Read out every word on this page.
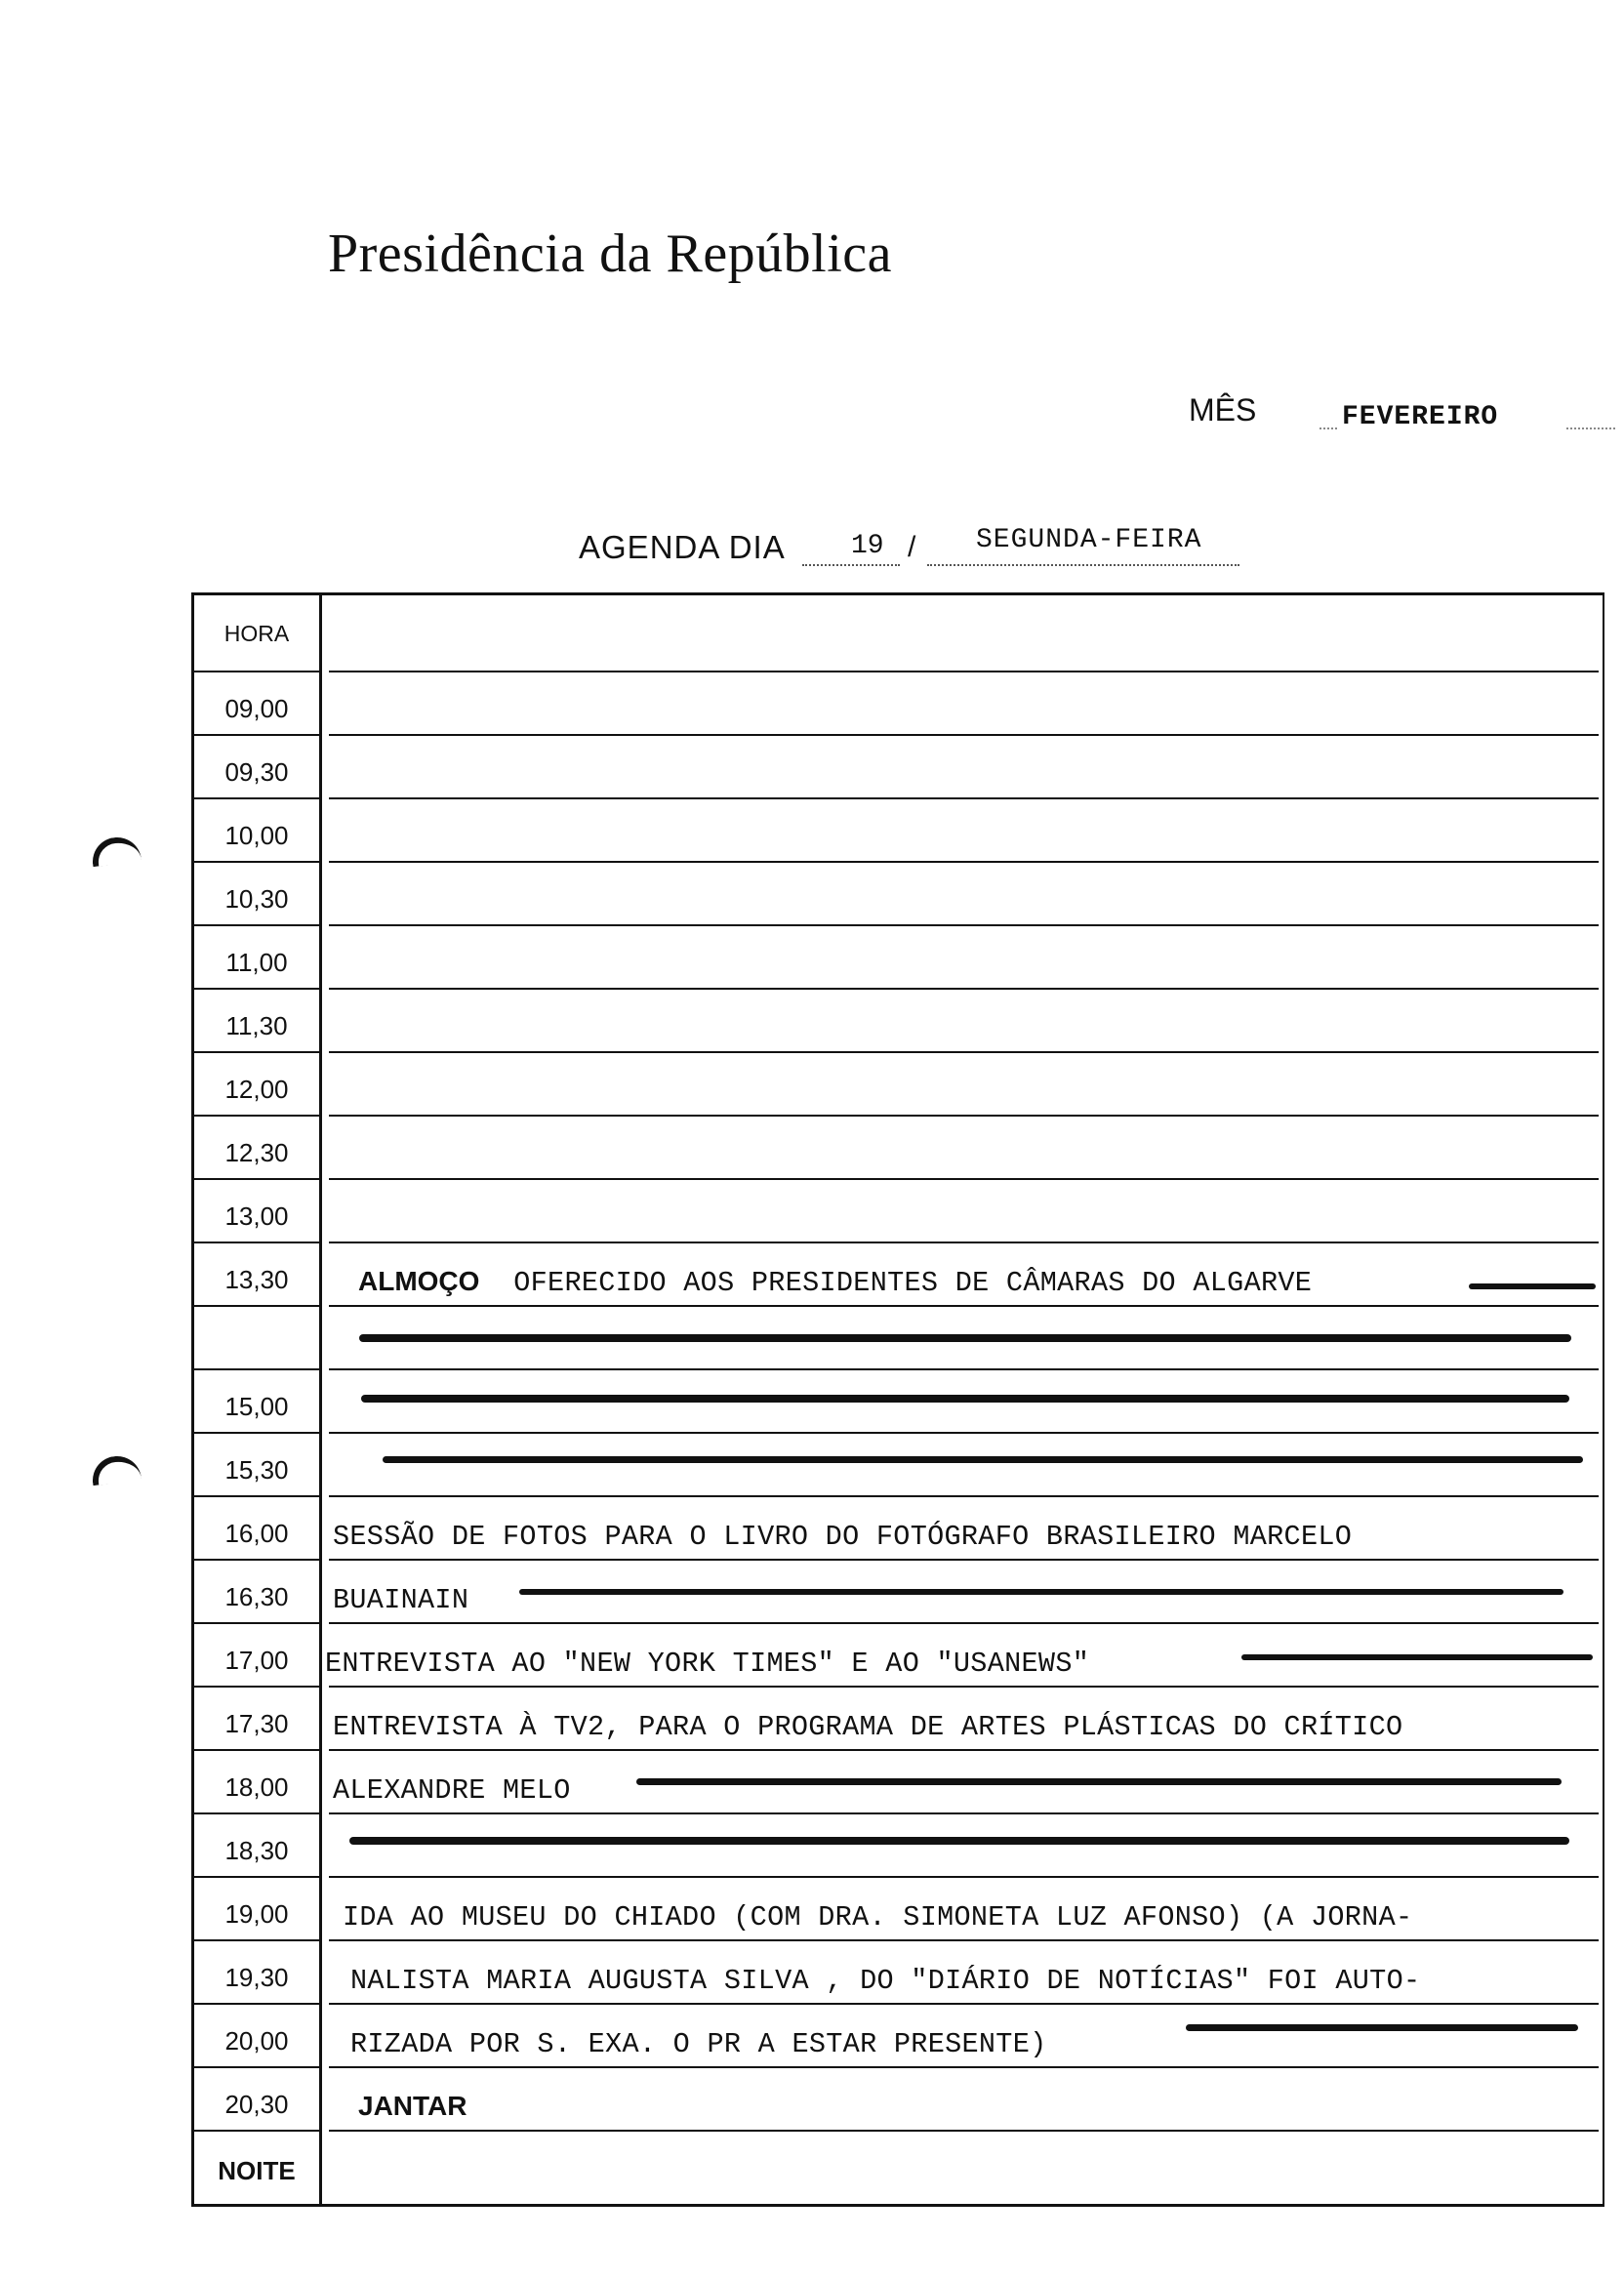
Presidência da República
MÊS	FEVEREIRO
AGENDA DIA 19 / SEGUNDA-FEIRA
HORA
09,00
09,30
10,00
10,30
11,00
11,30
12,00
12,30
13,00
13,30	ALMOÇO OFERECIDO AOS PRESIDENTES DE CÂMARAS DO ALGARVE
15,00
15,30
16,00	SESSÃO DE FOTOS PARA O LIVRO DO FOTÓGRAFO BRASILEIRO MARCELO
16,30	BUAINAIN
17,00	ENTREVISTA AO "NEW YORK TIMES" E AO "USANEWS"
17,30	ENTREVISTA À TV2, PARA O PROGRAMA DE ARTES PLÁSTICAS DO CRÍTICO
18,00	ALEXANDRE MELO
18,30
19,00	IDA AO MUSEU DO CHIADO (COM DRA. SIMONETA LUZ AFONSO) (A JORNA-
19,30	NALISTA MARIA AUGUSTA SILVA , DO "DIÁRIO DE NOTÍCIAS" FOI AUTO-
20,00	RIZADA POR S. EXA. O PR A ESTAR PRESENTE)
20,30	JANTAR
NOITE
